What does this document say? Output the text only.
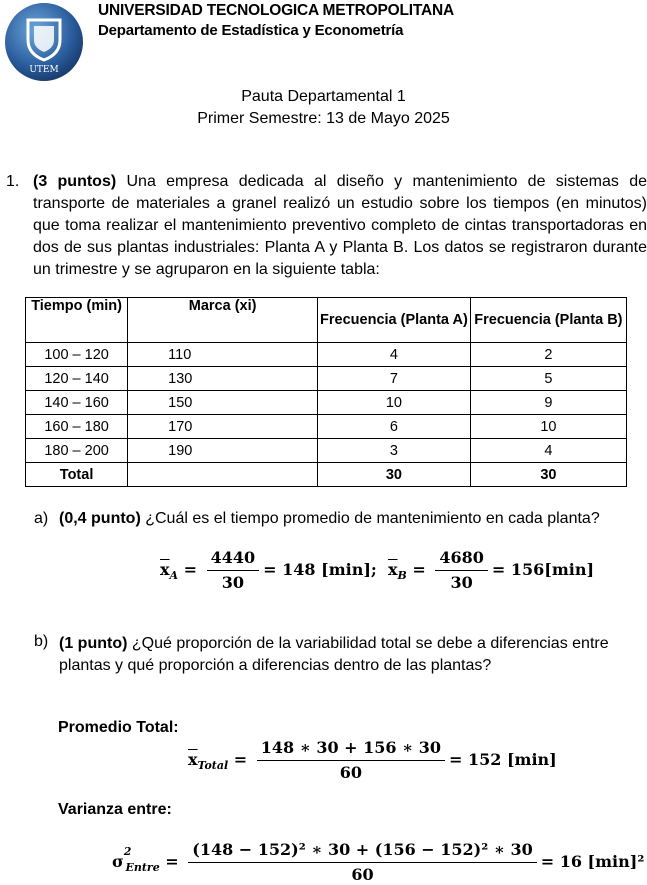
UTEM
UNIVERSIDAD TECNOLOGICA METROPOLITANA
Departamento de Estadística y Econometría
Pauta Departamental 1
Primer Semestre: 13 de Mayo 2025
1. (3 puntos) Una empresa dedicada al diseño y mantenimiento de sistemas de transporte de materiales a granel realizó un estudio sobre los tiempos (en minutos) que toma realizar el mantenimiento preventivo completo de cintas transportadoras en dos de sus plantas industriales: Planta A y Planta B. Los datos se registraron durante un trimestre y se agruparon en la siguiente tabla:
Tiempo (min)	Marca (xi)	Frecuencia (Planta A)	Frecuencia (Planta B)
100 – 120	110	4	2
120 – 140	130	7	5
140 – 160	150	10	9
160 – 180	170	6	10
180 – 200	190	3	4
Total		30	30
a) (0,4 punto) ¿Cuál es el tiempo promedio de mantenimiento en cada planta?
$\overline{x}_A = \frac{4440}{30} = 148$ [min]; $\overline{x}_B = \frac{4680}{30} = 156[\min]$
b) (1 punto) ¿Qué proporción de la variabilidad total se debe a diferencias entre plantas y qué proporción a diferencias dentro de las plantas?
Promedio Total:
$\overline{x}_{Total} = \frac{148 ∗ 30 + 156 ∗ 30}{60} = 152$ [min]
Varianza entre:
$\sigma^2_{Entre} = \frac{\text{(148 − 152)² ∗ 30 + (156 − 152)² ∗ 30}}{60} = 16$ [min]²
